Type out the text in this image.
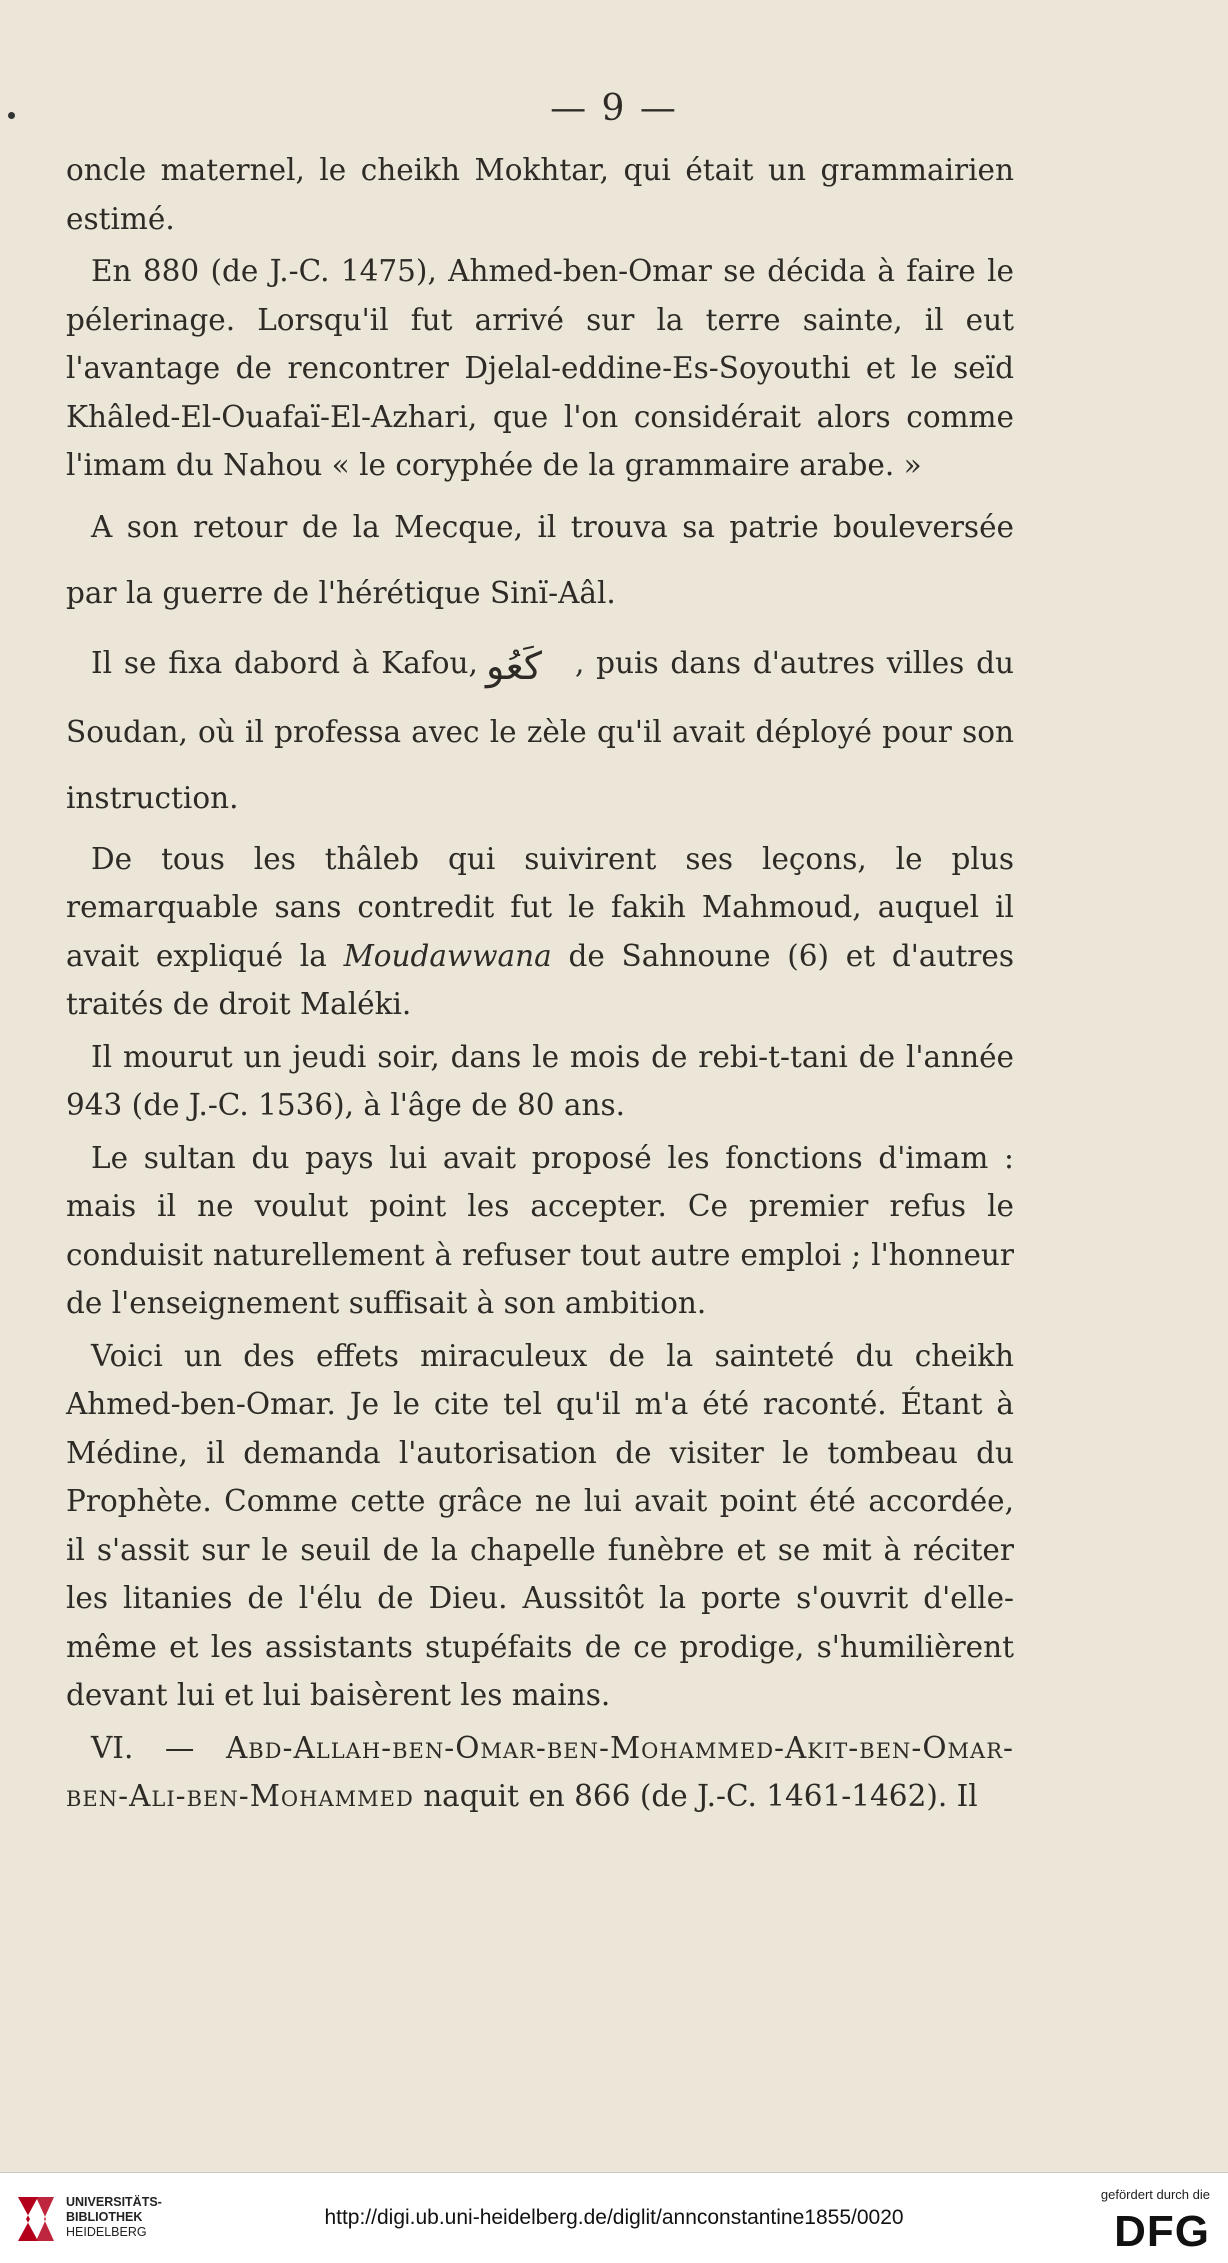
— 9 —

oncle maternel, le cheikh Mokhtar, qui était un grammairien estimé.

En 880 (de J.-C. 1475), Ahmed-ben-Omar se décida à faire le pélerinage. Lorsqu'il fut arrivé sur la terre sainte, il eut l'avantage de rencontrer Djelal-eddine-Es-Soyouthi et le seïd Khâled-El-Ouafaï-El-Azhari, que l'on considérait alors comme l'imam du Nahou « le coryphée de la grammaire arabe. »

A son retour de la Mecque, il trouva sa patrie bouleversée par la guerre de l'hérétique Sinï-Aâl.

Il se fixa dabord à Kafou, كَعُو , puis dans d'autres villes du Soudan, où il professa avec le zèle qu'il avait déployé pour son instruction.

De tous les thâleb qui suivirent ses leçons, le plus remarquable sans contredit fut le fakih Mahmoud, auquel il avait expliqué la Moudawwana de Sahnoune (6) et d'autres traités de droit Maléki.

Il mourut un jeudi soir, dans le mois de rebi-t-tani de l'année 943 (de J.-C. 1536), à l'âge de 80 ans.

Le sultan du pays lui avait proposé les fonctions d'imam : mais il ne voulut point les accepter. Ce premier refus le conduisit naturellement à refuser tout autre emploi ; l'honneur de l'enseignement suffisait à son ambition.

Voici un des effets miraculeux de la sainteté du cheikh Ahmed-ben-Omar. Je le cite tel qu'il m'a été raconté. Étant à Médine, il demanda l'autorisation de visiter le tombeau du Prophète. Comme cette grâce ne lui avait point été accordée, il s'assit sur le seuil de la chapelle funèbre et se mit à réciter les litanies de l'élu de Dieu. Aussitôt la porte s'ouvrit d'elle-même et les assistants stupéfaits de ce prodige, s'humilièrent devant lui et lui baisèrent les mains.

VI. — Abd-Allah-ben-Omar-ben-Mohammed-Akit-ben-Omar-ben-Ali-ben-Mohammed naquit en 866 (de J.-C. 1461-1462). Il

UNIVERSITÄTS-
BIBLIOTHEK
HEIDELBERG
http://digi.ub.uni-heidelberg.de/diglit/annconstantine1855/0020
gefördert durch die
DFG
